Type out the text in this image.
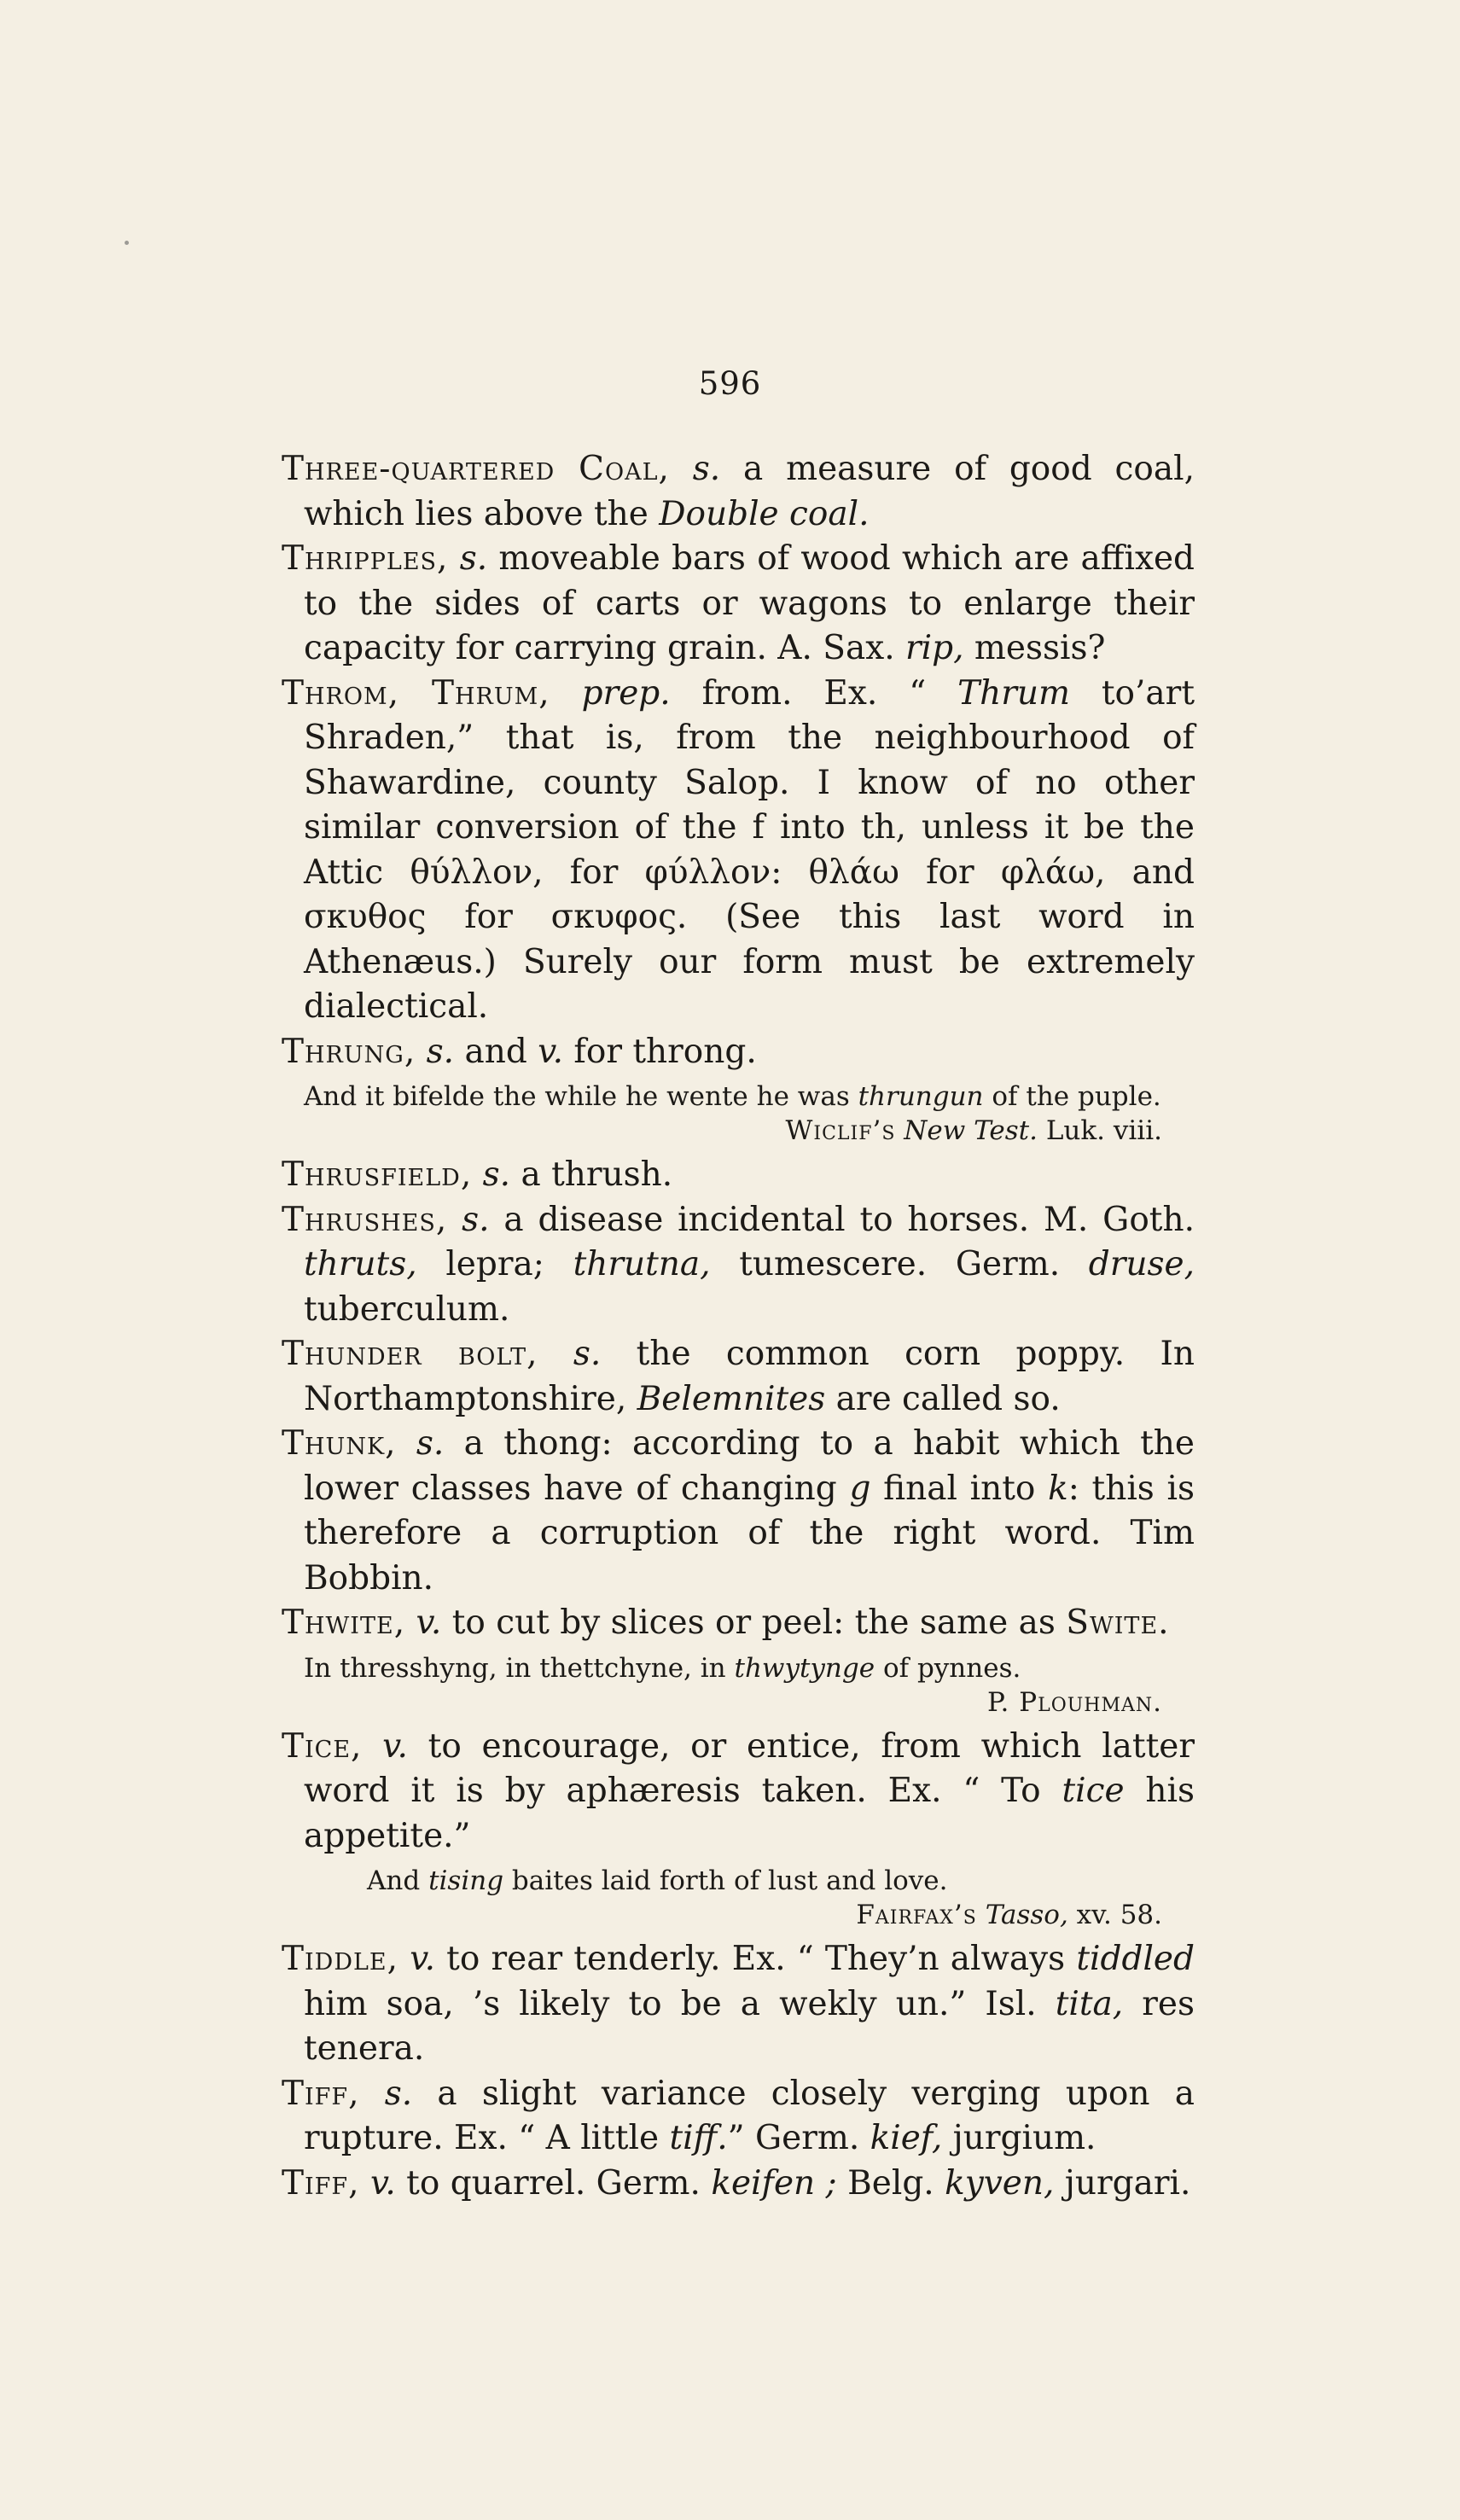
596

Three-quartered Coal, s. a measure of good coal, which lies above the Double coal.

Thripples, s. moveable bars of wood which are affixed to the sides of carts or wagons to enlarge their capacity for carrying grain. A. Sax. rip, messis?

Throm, Thrum, prep. from. Ex. “ Thrum to’art Shraden,” that is, from the neighbourhood of Shawardine, county Salop. I know of no other similar conversion of the f into th, unless it be the Attic θύλλον, for φύλλον: θλάω for φλάω, and σκυθος for σκυφος. (See this last word in Athenæus.) Surely our form must be extremely dialectical.

Thrung, s. and v. for throng.

And it bifelde the while he wente he was thrungun of the puple.
Wiclif’s New Test. Luk. viii.

Thrusfield, s. a thrush.

Thrushes, s. a disease incidental to horses. M. Goth. thruts, lepra; thrutna, tumescere. Germ. druse, tuberculum.

Thunder bolt, s. the common corn poppy. In Northamptonshire, Belemnites are called so.

Thunk, s. a thong: according to a habit which the lower classes have of changing g final into k: this is therefore a corruption of the right word. Tim Bobbin.

Thwite, v. to cut by slices or peel: the same as Swite.

In thresshyng, in thettchyne, in thwytynge of pynnes.
P. Plouhman.

Tice, v. to encourage, or entice, from which latter word it is by aphæresis taken. Ex. “ To tice his appetite.”

And tising baites laid forth of lust and love.
Fairfax’s Tasso, xv. 58.

Tiddle, v. to rear tenderly. Ex. “ They’n always tiddled him soa, ’s likely to be a wekly un.” Isl. tita, res tenera.

Tiff, s. a slight variance closely verging upon a rupture. Ex. “ A little tiff.” Germ. kief, jurgium.

Tiff, v. to quarrel. Germ. keifen ; Belg. kyven, jurgari.
